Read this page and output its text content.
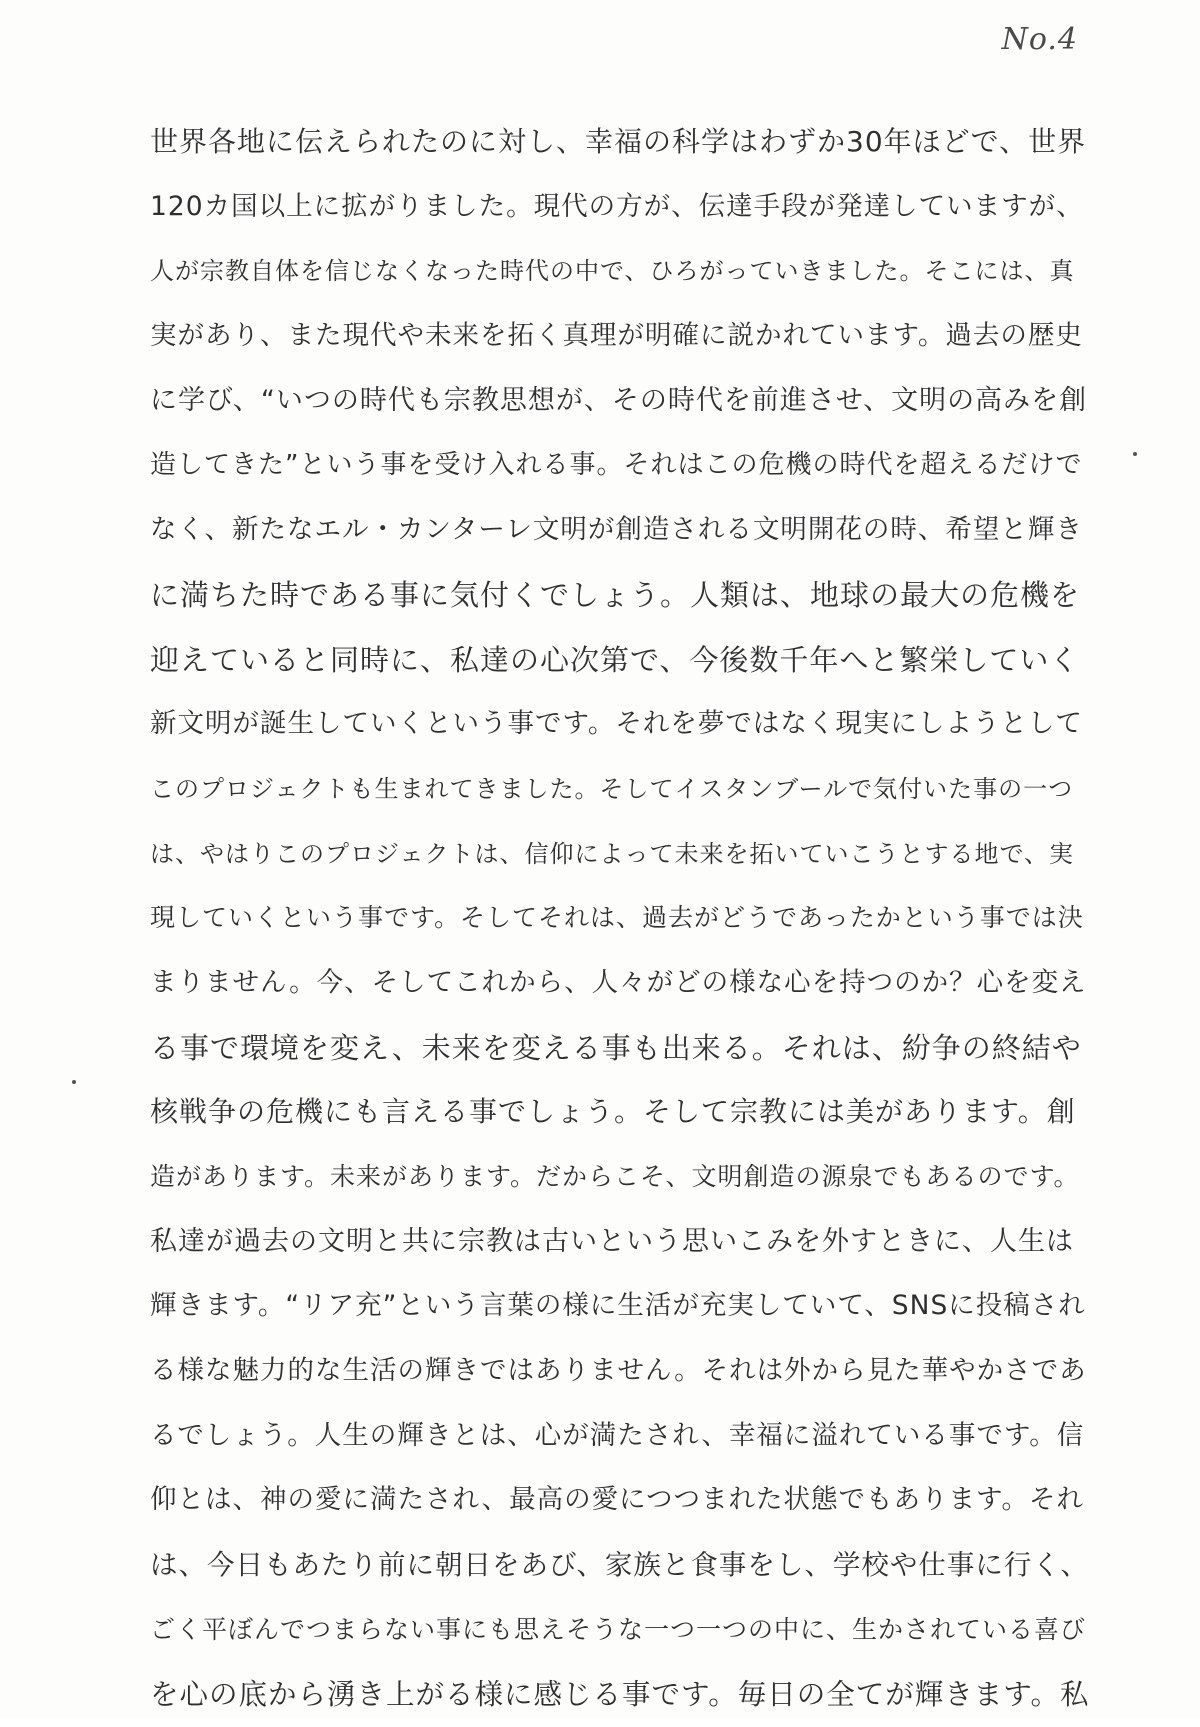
No.4
世界各地に伝えられたのに対し、幸福の科学はわずか30年ほどで、世界
120カ国以上に拡がりました。現代の方が、伝達手段が発達していますが、
人が宗教自体を信じなくなった時代の中で、ひろがっていきました。そこには、真
実があり、また現代や未来を拓く真理が明確に説かれています。過去の歴史
に学び、“いつの時代も宗教思想が、その時代を前進させ、文明の高みを創
造してきた”という事を受け入れる事。それはこの危機の時代を超えるだけで
なく、新たなエル・カンターレ文明が創造される文明開花の時、希望と輝き
に満ちた時である事に気付くでしょう。人類は、地球の最大の危機を
迎えていると同時に、私達の心次第で、今後数千年へと繁栄していく
新文明が誕生していくという事です。それを夢ではなく現実にしようとして
このプロジェクトも生まれてきました。そしてイスタンブールで気付いた事の一つ
は、やはりこのプロジェクトは、信仰によって未来を拓いていこうとする地で、実
現していくという事です。そしてそれは、過去がどうであったかという事では決
まりません。今、そしてこれから、人々がどの様な心を持つのか？心を変え
る事で環境を変え、未来を変える事も出来る。それは、紛争の終結や
核戦争の危機にも言える事でしょう。そして宗教には美があります。創
造があります。未来があります。だからこそ、文明創造の源泉でもあるのです。
私達が過去の文明と共に宗教は古いという思いこみを外すときに、人生は
輝きます。“リア充”という言葉の様に生活が充実していて、SNSに投稿され
る様な魅力的な生活の輝きではありません。それは外から見た華やかさであ
るでしょう。人生の輝きとは、心が満たされ、幸福に溢れている事です。信
仰とは、神の愛に満たされ、最高の愛につつまれた状態でもあります。それ
は、今日もあたり前に朝日をあび、家族と食事をし、学校や仕事に行く、
ごく平ぼんでつまらない事にも思えそうな一つ一つの中に、生かされている喜び
を心の底から湧き上がる様に感じる事です。毎日の全てが輝きます。私
